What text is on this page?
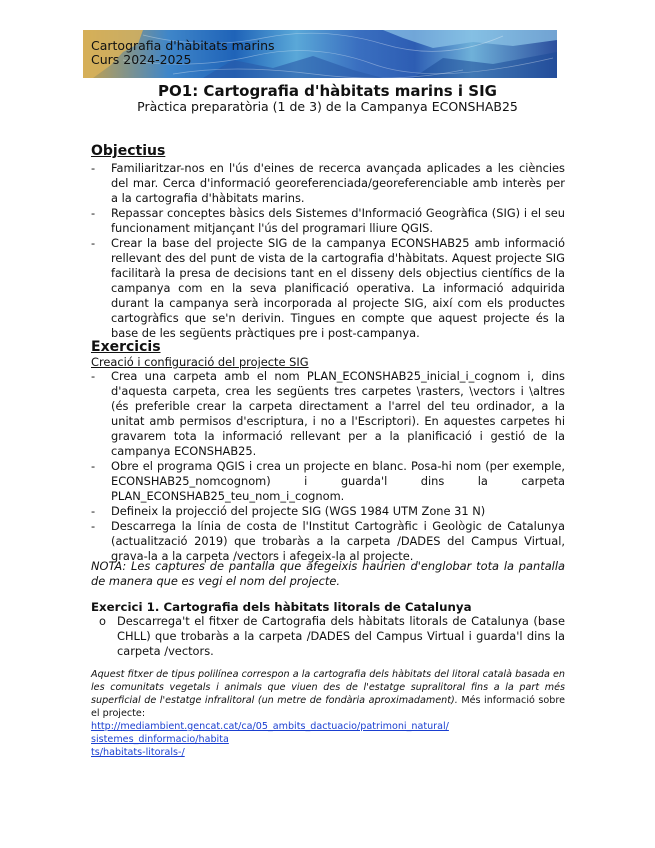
Cartografia d'hàbitats marins
Curs 2024-2025
PO1: Cartografia d'hàbitats marins i SIG
Pràctica preparatòria (1 de 3) de la Campanya ECONSHAB25
Objectius
- Familiaritzar-nos en l'ús d'eines de recerca avançada aplicades a les ciències del mar. Cerca d'informació georeferenciada/georeferenciable amb interès per a la cartografia d'hàbitats marins.
- Repassar conceptes bàsics dels Sistemes d'Informació Geogràfica (SIG) i el seu funcionament mitjançant l'ús del programari lliure QGIS.
- Crear la base del projecte SIG de la campanya ECONSHAB25 amb informació rellevant des del punt de vista de la cartografia d'hàbitats. Aquest projecte SIG facilitarà la presa de decisions tant en el disseny dels objectius científics de la campanya com en la seva planificació operativa. La informació adquirida durant la campanya serà incorporada al projecte SIG, així com els productes cartogràfics que se'n derivin. Tingues en compte que aquest projecte és la base de les següents pràctiques pre i post-campanya.
Exercicis
Creació i configuració del projecte SIG
- Crea una carpeta amb el nom PLAN_ECONSHAB25_inicial_i_cognom i, dins d'aquesta carpeta, crea les següents tres carpetes \rasters, \vectors i \altres (és preferible crear la carpeta directament a l'arrel del teu ordinador, a la unitat amb permisos d'escriptura, i no a l'Escriptori). En aquestes carpetes hi gravarem tota la informació rellevant per a la planificació i gestió de la campanya ECONSHAB25.
- Obre el programa QGIS i crea un projecte en blanc. Posa-hi nom (per exemple, ECONSHAB25_nomcognom) i guarda'l dins la carpeta PLAN_ECONSHAB25_teu_nom_i_cognom.
- Defineix la projecció del projecte SIG (WGS 1984 UTM Zone 31 N)
- Descarrega la línia de costa de l'Institut Cartogràfic i Geològic de Catalunya (actualització 2019) que trobaràs a la carpeta /DADES del Campus Virtual, grava-la a la carpeta /vectors i afegeix-la al projecte.
NOTA: Les captures de pantalla que afegeixis haurien d'englobar tota la pantalla de manera que es vegi el nom del projecte.
Exercici 1. Cartografia dels hàbitats litorals de Catalunya
o Descarrega't el fitxer de Cartografia dels hàbitats litorals de Catalunya (base CHLL) que trobaràs a la carpeta /DADES del Campus Virtual i guarda'l dins la carpeta /vectors.
Aquest fitxer de tipus polilínea correspon a la cartografia dels hàbitats del litoral català basada en les comunitats vegetals i animals que viuen des de l'estatge supralitoral fins a la part més superficial de l'estatge infralitoral (un metre de fondària aproximadament). Més informació sobre el projecte:
http://mediambient.gencat.cat/ca/05_ambits_dactuacio/patrimoni_natural/
sistemes_dinformacio/habita
ts/habitats-litorals-/
